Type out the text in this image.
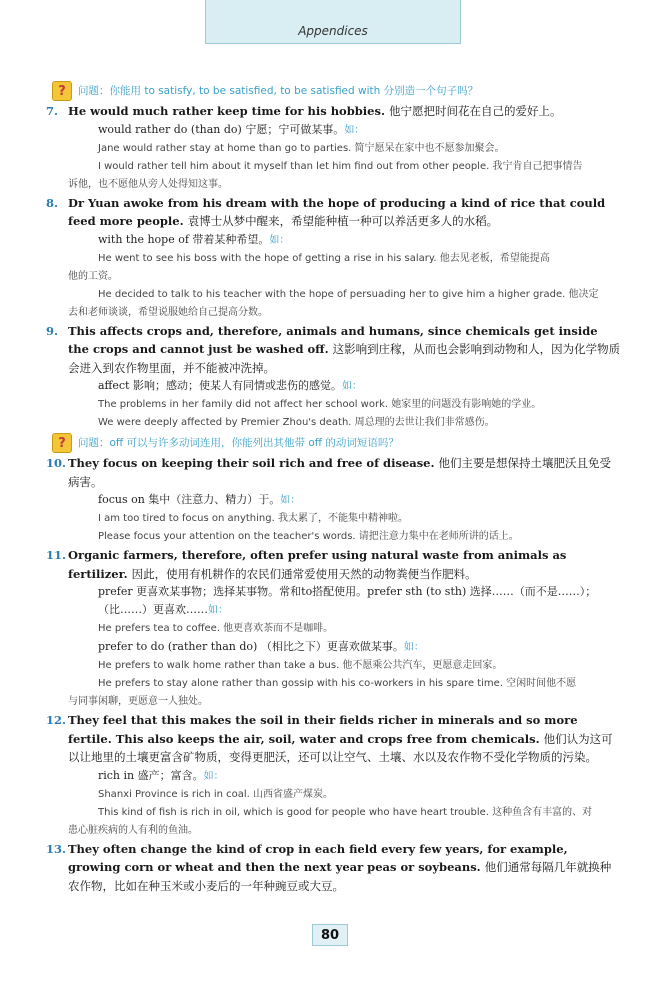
Appendices
?	问题：你能用 to satisfy, to be satisfied, to be satisfied with 分别造一个句子吗？
7. He would much rather keep time for his hobbies. 他宁愿把时间花在自己的爱好上。
would rather do (than do) 宁愿；宁可做某事。如：
Jane would rather stay at home than go to parties. 简宁愿呆在家中也不愿参加聚会。
I would rather tell him about it myself than let him find out from other people. 我宁肯自己把事情告
诉他，也不愿他从旁人处得知这事。
8. Dr Yuan awoke from his dream with the hope of producing a kind of rice that could feed more people. 袁博士从梦中醒来，希望能种植一种可以养活更多人的水稻。
with the hope of 带着某种希望。如：
He went to see his boss with the hope of getting a rise in his salary. 他去见老板，希望能提高
他的工资。
He decided to talk to his teacher with the hope of persuading her to give him a higher grade. 他决定
去和老师谈谈，希望说服她给自己提高分数。
9. This affects crops and, therefore, animals and humans, since chemicals get inside the crops and cannot just be washed off. 这影响到庄稼，从而也会影响到动物和人，因为化学物质会进入到农作物里面，并不能被冲洗掉。
affect 影响；感动；使某人有同情或悲伤的感觉。如：
The problems in her family did not affect her school work. 她家里的问题没有影响她的学业。
We were deeply affected by Premier Zhou's death. 周总理的去世让我们非常感伤。
?	问题：off 可以与许多动词连用，你能列出其他带 off 的动词短语吗？
10. They focus on keeping their soil rich and free of disease. 他们主要是想保持土壤肥沃且免受病害。
focus on 集中（注意力、精力）于。如：
I am too tired to focus on anything. 我太累了，不能集中精神啦。
Please focus your attention on the teacher's words. 请把注意力集中在老师所讲的话上。
11. Organic farmers, therefore, often prefer using natural waste from animals as fertilizer. 因此，使用有机耕作的农民们通常爱使用天然的动物粪便当作肥料。
prefer 更喜欢某事物；选择某事物。常和to搭配使用。prefer sth (to sth) 选择……（而不是……）；（比……）更喜欢……如：
He prefers tea to coffee. 他更喜欢茶而不是咖啡。
prefer to do (rather than do) （相比之下）更喜欢做某事。如：
He prefers to walk home rather than take a bus. 他不愿乘公共汽车，更愿意走回家。
He prefers to stay alone rather than gossip with his co-workers in his spare time. 空闲时间他不愿
与同事闲聊，更愿意一人独处。
12. They feel that this makes the soil in their fields richer in minerals and so more fertile. This also keeps the air, soil, water and crops free from chemicals. 他们认为这可以让地里的土壤更富含矿物质，变得更肥沃，还可以让空气、土壤、水以及农作物不受化学物质的污染。
rich in 盛产；富含。如：
Shanxi Province is rich in coal. 山西省盛产煤炭。
This kind of fish is rich in oil, which is good for people who have heart trouble. 这种鱼含有丰富的、对
患心脏疾病的人有利的鱼油。
13. They often change the kind of crop in each field every few years, for example, growing corn or wheat and then the next year peas or soybeans. 他们通常每隔几年就换种农作物，比如在种玉米或小麦后的一年种豌豆或大豆。
80
